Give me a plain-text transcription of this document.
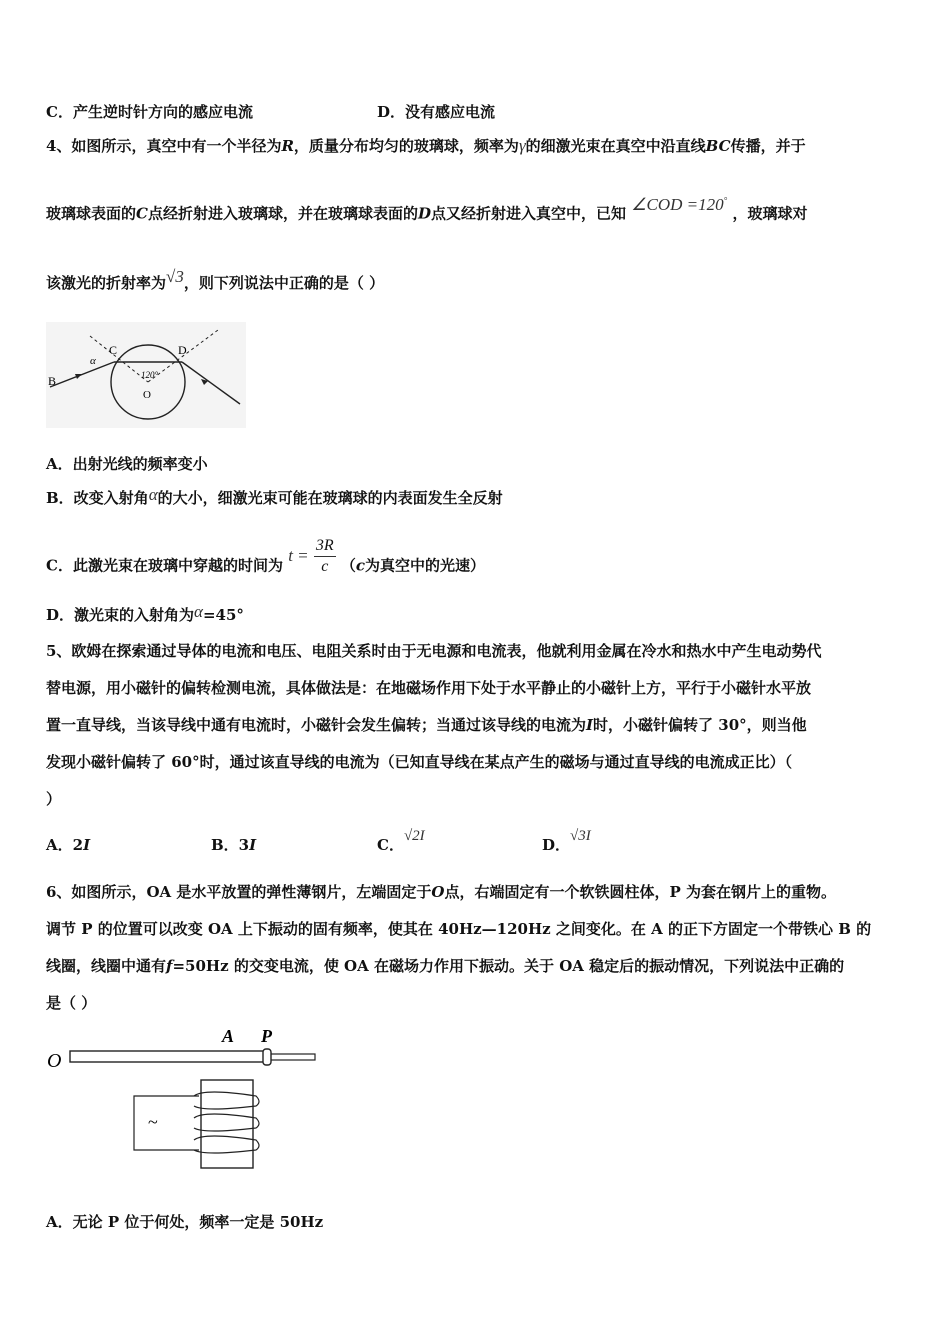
C．产生逆时针方向的感应电流	D．没有感应电流
4、如图所示，真空中有一个半径为R，质量分布均匀的玻璃球，频率为γ的细激光束在真空中沿直线BC传播，并于
玻璃球表面的C点经折射进入玻璃球，并在玻璃球表面的D点又经折射进入真空中，已知 ∠COD =120° ，玻璃球对
该激光的折射率为√3，则下列说法中正确的是（ ）
B
C	D
O
α
120°
A．出射光线的频率变小
B．改变入射角α的大小，细激光束可能在玻璃球的内表面发生全反射
C．此激光束在玻璃中穿越的时间为 $t = \frac{3R}{c} (c$为真空中的光速）
D．激光束的入射角为α=45°
5、欧姆在探索通过导体的电流和电压、电阻关系时由于无电源和电流表，他就利用金属在冷水和热水中产生电动势代
替电源，用小磁针的偏转检测电流，具体做法是：在地磁场作用下处于水平静止的小磁针上方，平行于小磁针水平放
置一直导线，当该导线中通有电流时，小磁针会发生偏转；当通过该导线的电流为I时，小磁针偏转了 30°，则当他
发现小磁针偏转了 60°时，通过该直导线的电流为（已知直导线在某点产生的磁场与通过直导线的电流成正比）（
）
A．2I	B．3I	C．√2I	D．√3I
6、如图所示，OA 是水平放置的弹性薄钢片，左端固定于O点，右端固定有一个软铁圆柱体，P 为套在钢片上的重物。
调节 P 的位置可以改变 OA 上下振动的固有频率，使其在 40Hz—120Hz 之间变化。在 A 的正下方固定一个带铁心 B 的
线圈，线圈中通有f=50Hz 的交变电流，使 OA 在磁场力作用下振动。关于 OA 稳定后的振动情况，下列说法中正确的
是（ ）
O
A P
~
A．无论 P 位于何处，频率一定是 50Hz
